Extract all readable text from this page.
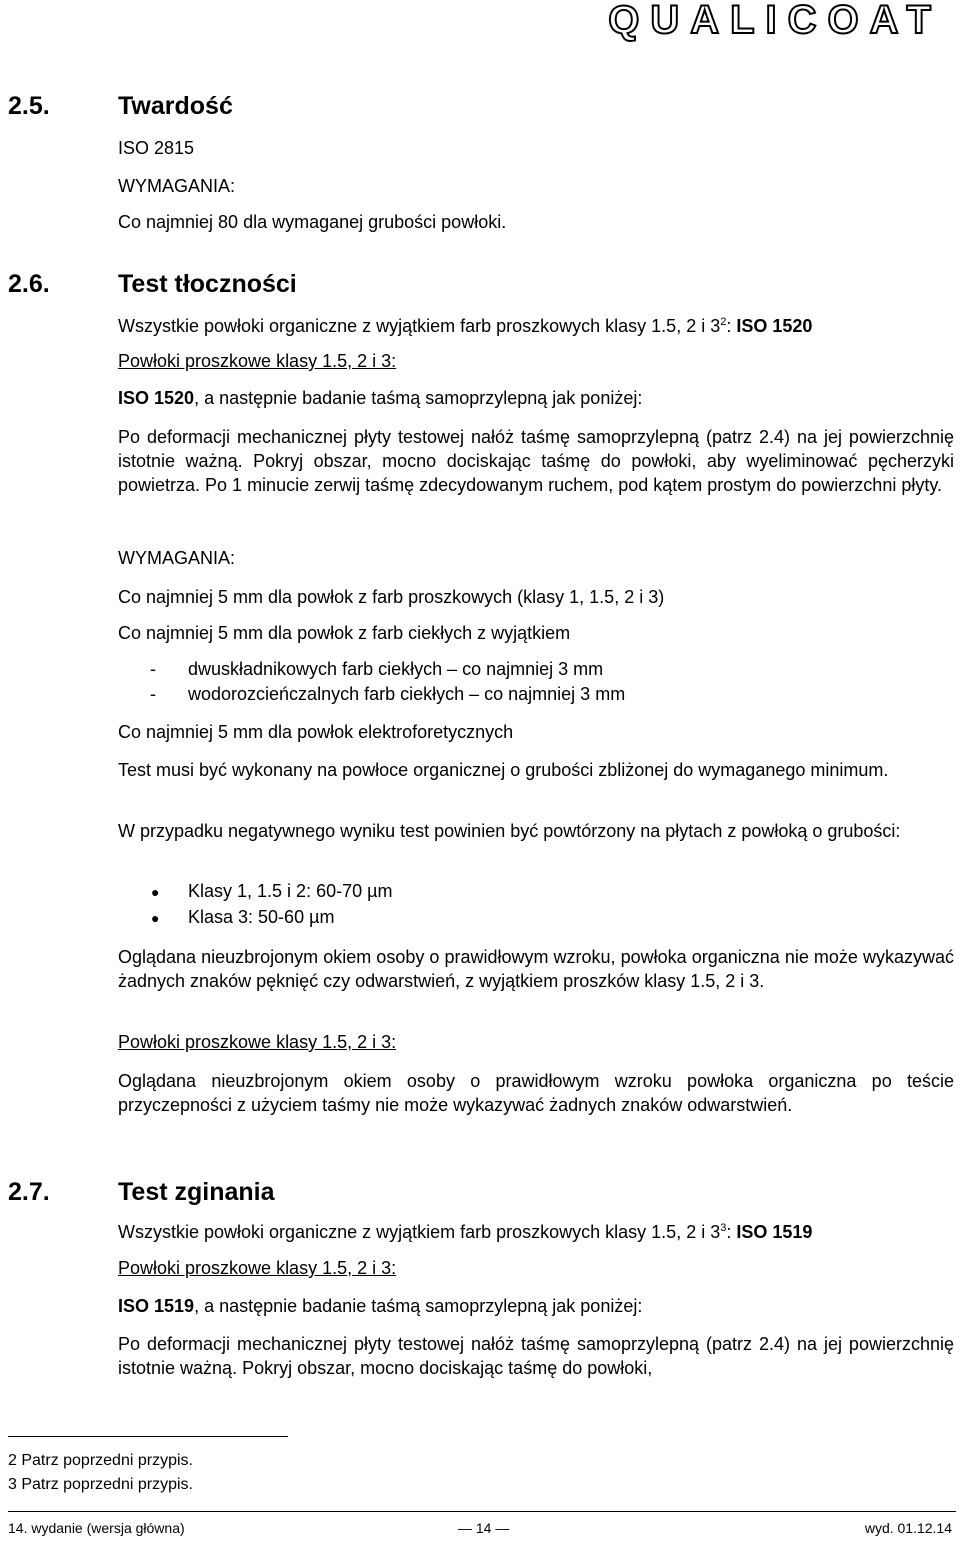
QUALICOAT
2.5.	Twardość
ISO 2815
WYMAGANIA:
Co najmniej 80 dla wymaganej grubości powłoki.
2.6.	Test tłoczności
Wszystkie powłoki organiczne z wyjątkiem farb proszkowych klasy 1.5, 2 i $3^2$: ISO 1520
Powłoki proszkowe klasy 1.5, 2 i 3:
ISO 1520, a następnie badanie taśmą samoprzylepną jak poniżej:
Po deformacji mechanicznej płyty testowej nałóż taśmę samoprzylepną (patrz 2.4) na jej powierzchnię istotnie ważną. Pokryj obszar, mocno dociskając taśmę do powłoki, aby wyeliminować pęcherzyki powietrza. Po 1 minucie zerwij taśmę zdecydowanym ruchem, pod kątem prostym do powierzchni płyty.
WYMAGANIA:
Co najmniej 5 mm dla powłok z farb proszkowych (klasy 1, 1.5, 2 i 3)
Co najmniej 5 mm dla powłok z farb ciekłych z wyjątkiem
- dwuskładnikowych farb ciekłych – co najmniej 3 mm
- wodorozcieńczalnych farb ciekłych – co najmniej 3 mm
Co najmniej 5 mm dla powłok elektroforetycznych
Test musi być wykonany na powłoce organicznej o grubości zbliżonej do wymaganego minimum.
W przypadku negatywnego wyniku test powinien być powtórzony na płytach z powłoką o grubości:
● Klasy 1, 1.5 i 2: 60-70 µm
● Klasa 3: 50-60 µm
Oglądana nieuzbrojonym okiem osoby o prawidłowym wzroku, powłoka organiczna nie może wykazywać żadnych znaków pęknięć czy odwarstwień, z wyjątkiem proszków klasy 1.5, 2 i 3.
Powłoki proszkowe klasy 1.5, 2 i 3:
Oglądana nieuzbrojonym okiem osoby o prawidłowym wzroku powłoka organiczna po teście przyczepności z użyciem taśmy nie może wykazywać żadnych znaków odwarstwień.
2.7.	Test zginania
Wszystkie powłoki organiczne z wyjątkiem farb proszkowych klasy 1.5, 2 i $3^3$: ISO 1519
Powłoki proszkowe klasy 1.5, 2 i 3:
ISO 1519, a następnie badanie taśmą samoprzylepną jak poniżej:
Po deformacji mechanicznej płyty testowej nałóż taśmę samoprzylepną (patrz 2.4) na jej powierzchnię istotnie ważną. Pokryj obszar, mocno dociskając taśmę do powłoki,
2 Patrz poprzedni przypis.
3 Patrz poprzedni przypis.
14. wydanie (wersja główna)	— 14 —	wyd. 01.12.14
